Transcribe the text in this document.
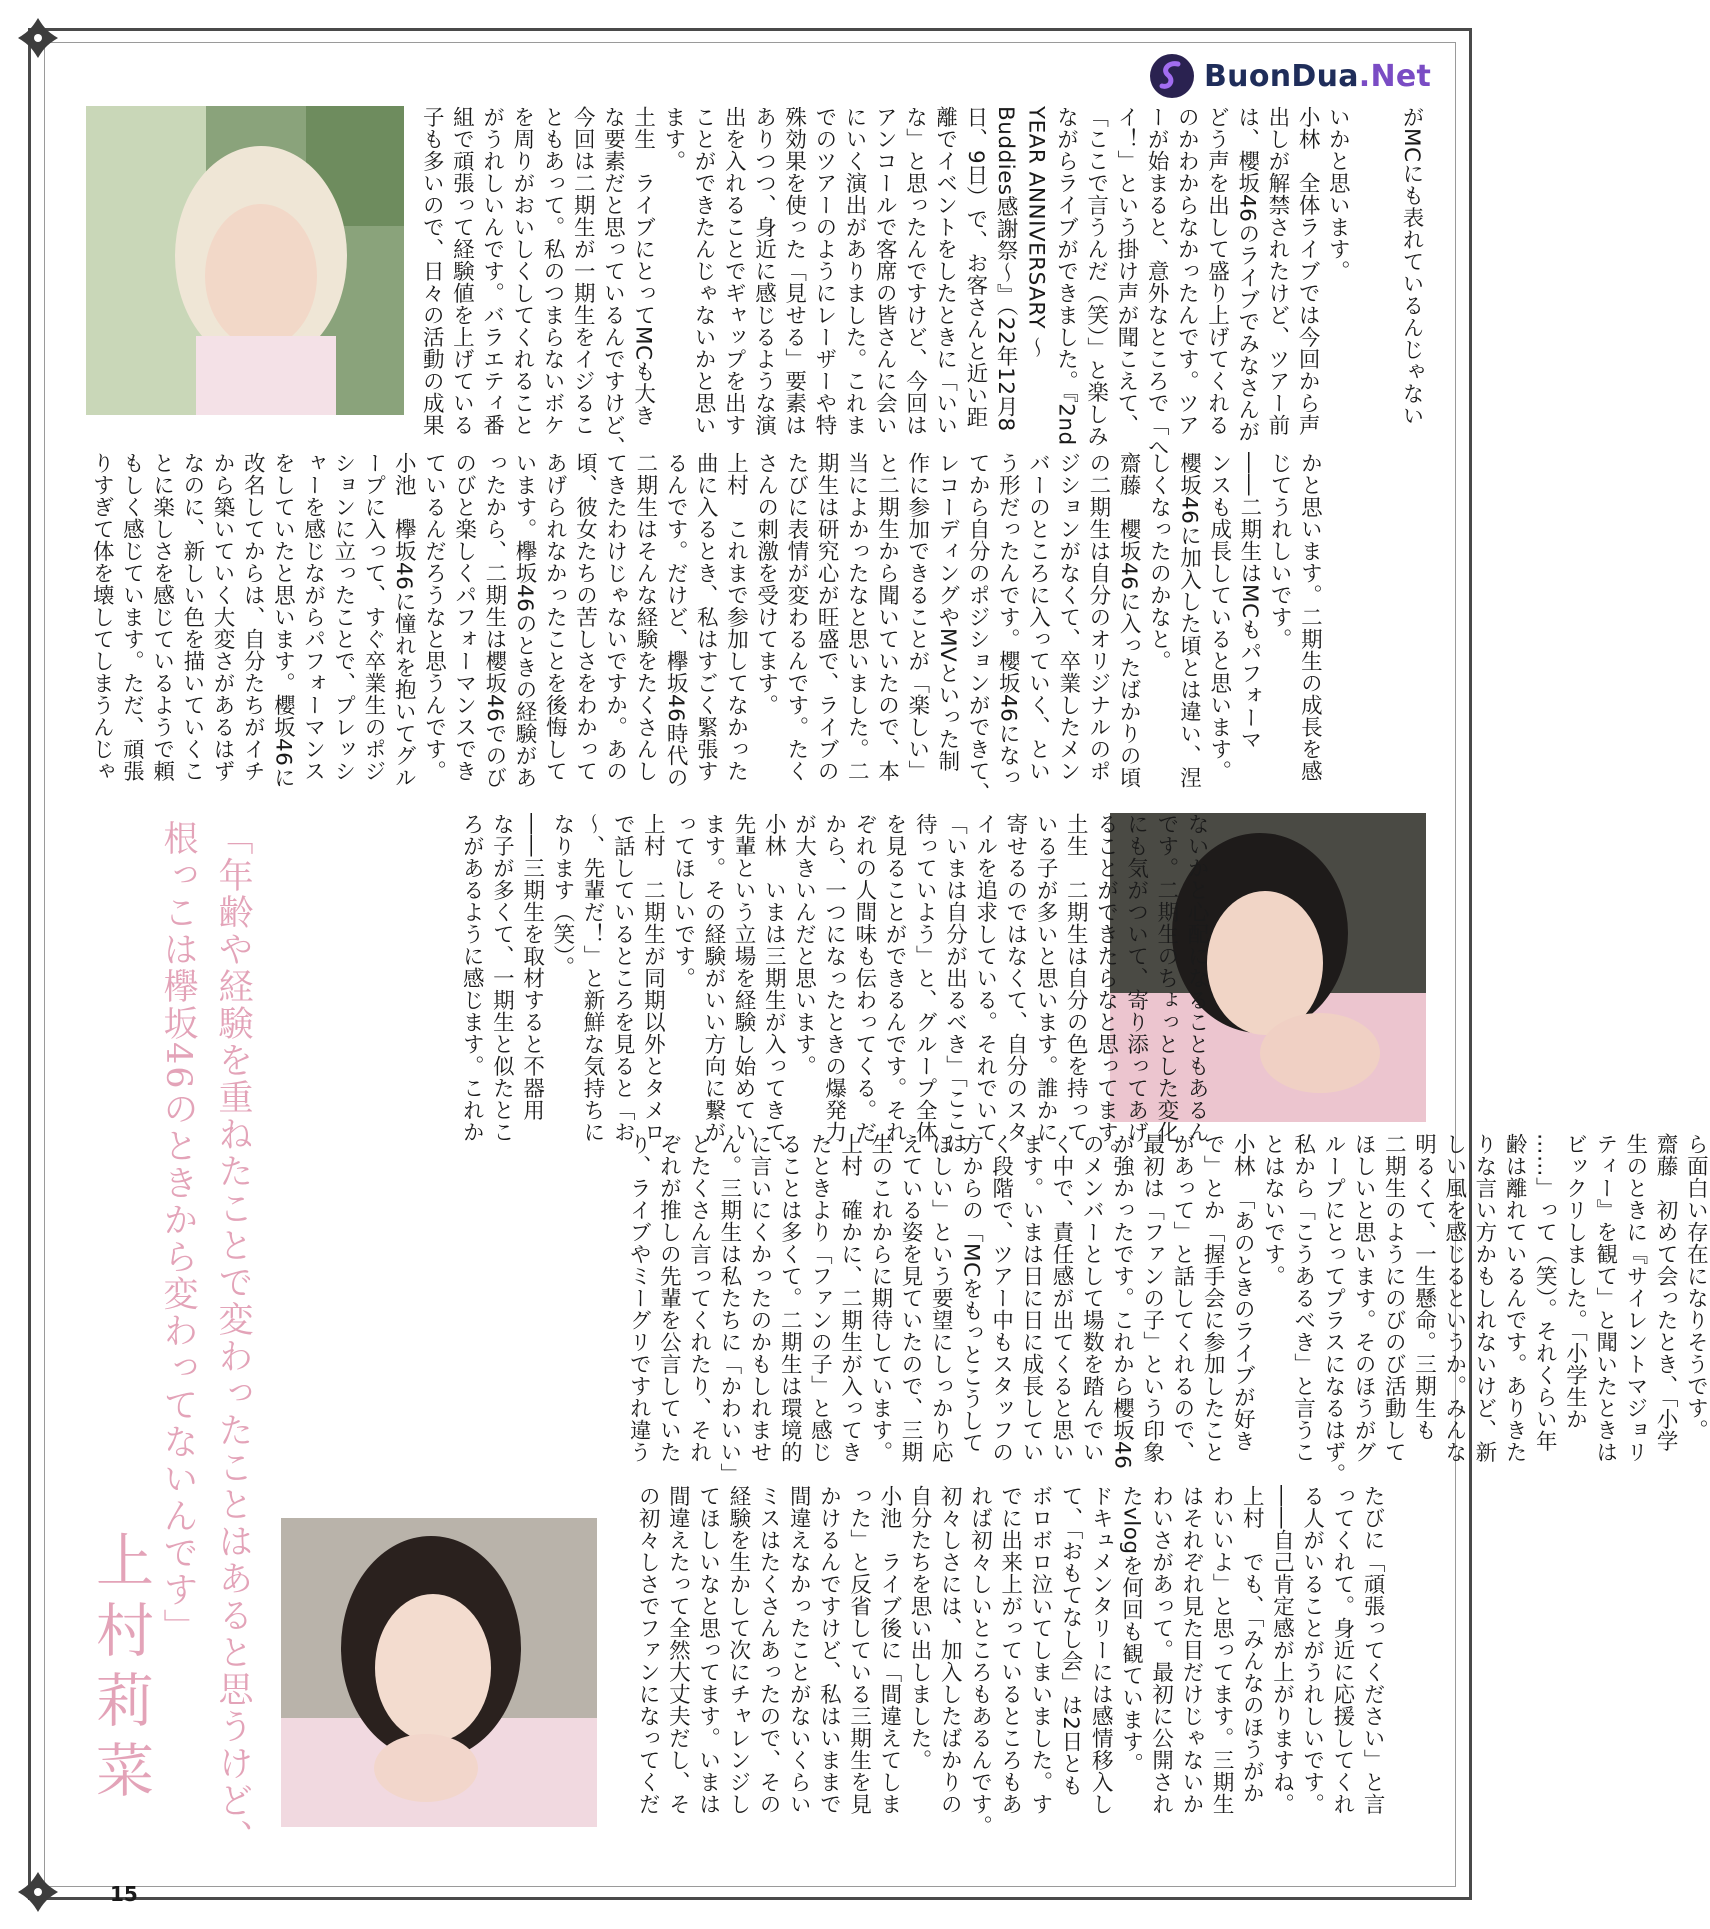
BuonDua.Net
いかと思います。
小林　全体ライブでは今回から声
出しが解禁されたけど、ツアー前
は、櫻坂46のライブでみなさんが
どう声を出して盛り上げてくれる
のかわからなかったんです。ツア
ーが始まると、意外なところで「へ
イ！」という掛け声が聞こえて、
「ここで言うんだ（笑）」と楽しみ
ながらライブができました。『2nd
YEAR ANNIVERSARY ～
Buddies感謝祭～』（22年12月8
日、9日）で、お客さんと近い距
離でイベントをしたときに「いい
な」と思ったんですけど、今回は
アンコールで客席の皆さんに会い
にいく演出がありました。これま
でのツアーのようにレーザーや特
殊効果を使った「見せる」要素は
ありつつ、身近に感じるような演
出を入れることでギャップを出す
ことができたんじゃないかと思い
ます。
土生　ライブにとってMCも大き
な要素だと思っているんですけど、
今回は二期生が一期生をイジるこ
ともあって。私のつまらないボケ
を周りがおいしくしてくれること
がうれしいんです。バラエティ番
組で頑張って経験値を上げている
子も多いので、日々の活動の成果
かと思います。二期生の成長を感
じてうれしいです。
――二期生はMCもパフォーマ
ンスも成長していると思います。
櫻坂46に加入した頃とは違い、涅
しくなったのかなと。
齋藤　櫻坂46に入ったばかりの頃
の二期生は自分のオリジナルのポ
ジションがなくて、卒業したメン
バーのところに入っていく、とい
う形だったんです。櫻坂46になっ
てから自分のポジションができて、
レコーディングやMVといった制
作に参加できることが「楽しい」
と二期生から聞いていたので、本
当によかったなと思いました。二
期生は研究心が旺盛で、ライブの
たびに表情が変わるんです。たく
さんの刺激を受けてます。
上村　これまで参加してなかった
曲に入るとき、私はすごく緊張す
るんです。だけど、欅坂46時代の
二期生はそんな経験をたくさんし
てきたわけじゃないですか。あの
頃、彼女たちの苦しさをわかって
あげられなかったことを後悔して
います。欅坂46のときの経験があ
ったから、二期生は櫻坂46でのび
のびと楽しくパフォーマンスでき
ているんだろうなと思うんです。
小池　欅坂46に憧れを抱いてグル
ープに入って、すぐ卒業生のポジ
ションに立ったことで、プレッシ
ャーを感じながらパフォーマンス
をしていたと思います。櫻坂46に
改名してからは、自分たちがイチ
から築いていく大変さがあるはず
なのに、新しい色を描いていくこ
とに楽しさを感じているようで頼
もしく感じています。ただ、頑張
りすぎて体を壊してしまうんじゃ
がMCにも表れているんじゃない
ないかと心配になることもあるん
です。二期生のちょっとした変化
にも気がついて、寄り添ってあげ
ることができたらなと思ってます。
土生　二期生は自分の色を持って
いる子が多いと思います。誰かに
寄せるのではなくて、自分のスタ
イルを追求している。それでいて
「いまは自分が出るべき」「ここは
待っていよう」と、グループ全体
を見ることができるんです。それ
ぞれの人間味も伝わってくる。だ
から、一つになったときの爆発力
が大きいんだと思います。
小林　いまは三期生が入ってきて、
先輩という立場を経験し始めてい
ます。その経験がいい方向に繋が
ってほしいです。
上村　二期生が同期以外とタメロ
で話しているところを見ると「お
～、先輩だ！」と新鮮な気持ちに
なります（笑）。
――三期生を取材すると不器用
な子が多くて、一期生と似たとこ
ろがあるように感じます。これか
ら面白い存在になりそうです。
齋藤　初めて会ったとき、「小学
生のときに『サイレントマジョリ
ティー』を観て」と聞いたときは
ビックリしました。「小学生か
……」って（笑）。それくらい年
齢は離れているんです。ありきた
りな言い方かもしれないけど、新
しい風を感じるというか。みんな
明るくて、一生懸命。三期生も
二期生のようにのびのび活動して
ほしいと思います。そのほうがグ
ループにとってプラスになるはず。
私から「こうあるべき」と言うこ
とはないです。
小林　「あのときのライブが好き
で」とか「握手会に参加したこと
があって」と話してくれるので、
最初は「ファンの子」という印象
が強かったです。これから櫻坂46
のメンバーとして場数を踏んでい
く中で、責任感が出てくると思い
ます。いまは日に日に成長してい
く段階で、ツアー中もスタッフの
方からの「MCをもっとこうして
ほしい」という要望にしっかり応
えている姿を見ていたので、三期
生のこれからに期待しています。
上村　確かに、二期生が入ってき
たときより「ファンの子」と感じ
ることは多くて。二期生は環境的
に言いにくかったのかもしれませ
ん。三期生は私たちに「かわいい」
とたくさん言ってくれたり、それ
ぞれが推しの先輩を公言していた
り、ライブやミーグリですれ違う
たびに「頑張ってください」と言
ってくれて。身近に応援してくれ
る人がいることがうれしいです。
――自己肯定感が上がりますね。
上村　でも、「みんなのほうがか
わいいよ」と思ってます。三期生
はそれぞれ見た目だけじゃないか
わいさがあって。最初に公開され
たvlogを何回も観ています。
ドキュメンタリーには感情移入し
て、「おもてなし会」は2日とも
ボロボロ泣いてしまいました。す
でに出来上がっているところもあ
れば初々しいところもあるんです。
初々しさには、加入したばかりの
自分たちを思い出しました。
小池　ライブ後に「間違えてしま
った」と反省している三期生を見
かけるんですけど、私はいままで
間違えなかったことがないくらい
ミスはたくさんあったので、その
経験を生かして次にチャレンジし
てほしいなと思ってます。いまは
間違えたって全然大丈夫だし、そ
の初々しさでファンになってくだ
「年齢や経験を重ねたことで変わったことはあると思うけど、
根っこは欅坂46のときから変わってないんです」
上村莉菜
15
